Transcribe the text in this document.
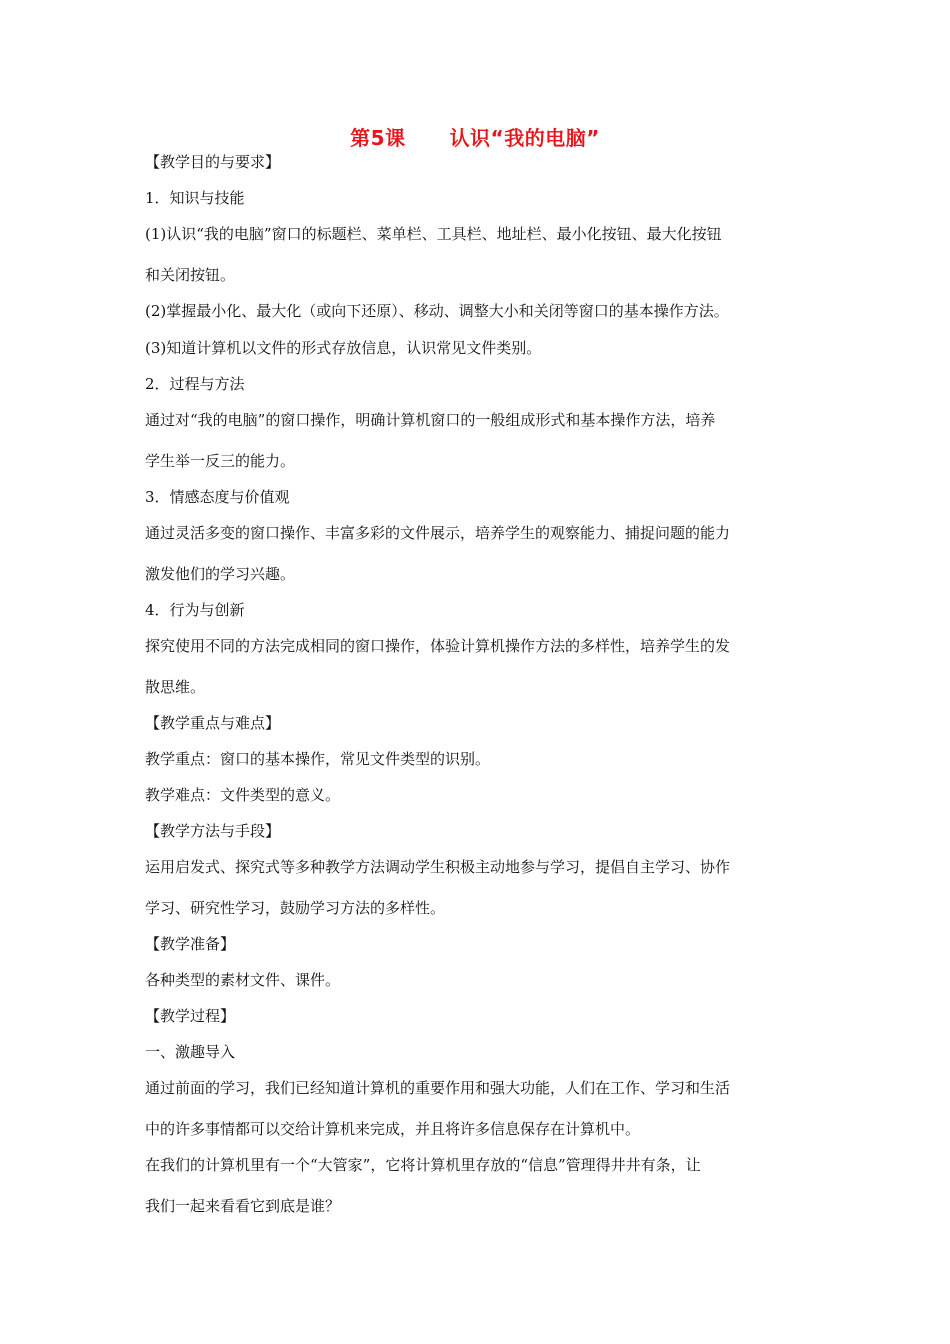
第5课 认识“我的电脑”
【教学目的与要求】
1．知识与技能
(1)认识“我的电脑”窗口的标题栏、菜单栏、工具栏、地址栏、最小化按钮、最大化按钮
和关闭按钮。
(2)掌握最小化、最大化（或向下还原）、移动、调整大小和关闭等窗口的基本操作方法。
(3)知道计算机以文件的形式存放信息，认识常见文件类别。
2．过程与方法
通过对“我的电脑”的窗口操作，明确计算机窗口的一般组成形式和基本操作方法，培养
学生举一反三的能力。
3．情感态度与价值观
通过灵活多变的窗口操作、丰富多彩的文件展示，培养学生的观察能力、捕捉问题的能力
激发他们的学习兴趣。
4．行为与创新
探究使用不同的方法完成相同的窗口操作，体验计算机操作方法的多样性，培养学生的发
散思维。
【教学重点与难点】
教学重点：窗口的基本操作，常见文件类型的识别。
教学难点：文件类型的意义。
【教学方法与手段】
运用启发式、探究式等多种教学方法调动学生积极主动地参与学习，提倡自主学习、协作
学习、研究性学习，鼓励学习方法的多样性。
【教学准备】
各种类型的素材文件、课件。
【教学过程】
一、激趣导入
通过前面的学习，我们已经知道计算机的重要作用和强大功能，人们在工作、学习和生活
中的许多事情都可以交给计算机来完成，并且将许多信息保存在计算机中。
在我们的计算机里有一个“大管家”，它将计算机里存放的“信息”管理得井井有条，让
我们一起来看看它到底是谁？
